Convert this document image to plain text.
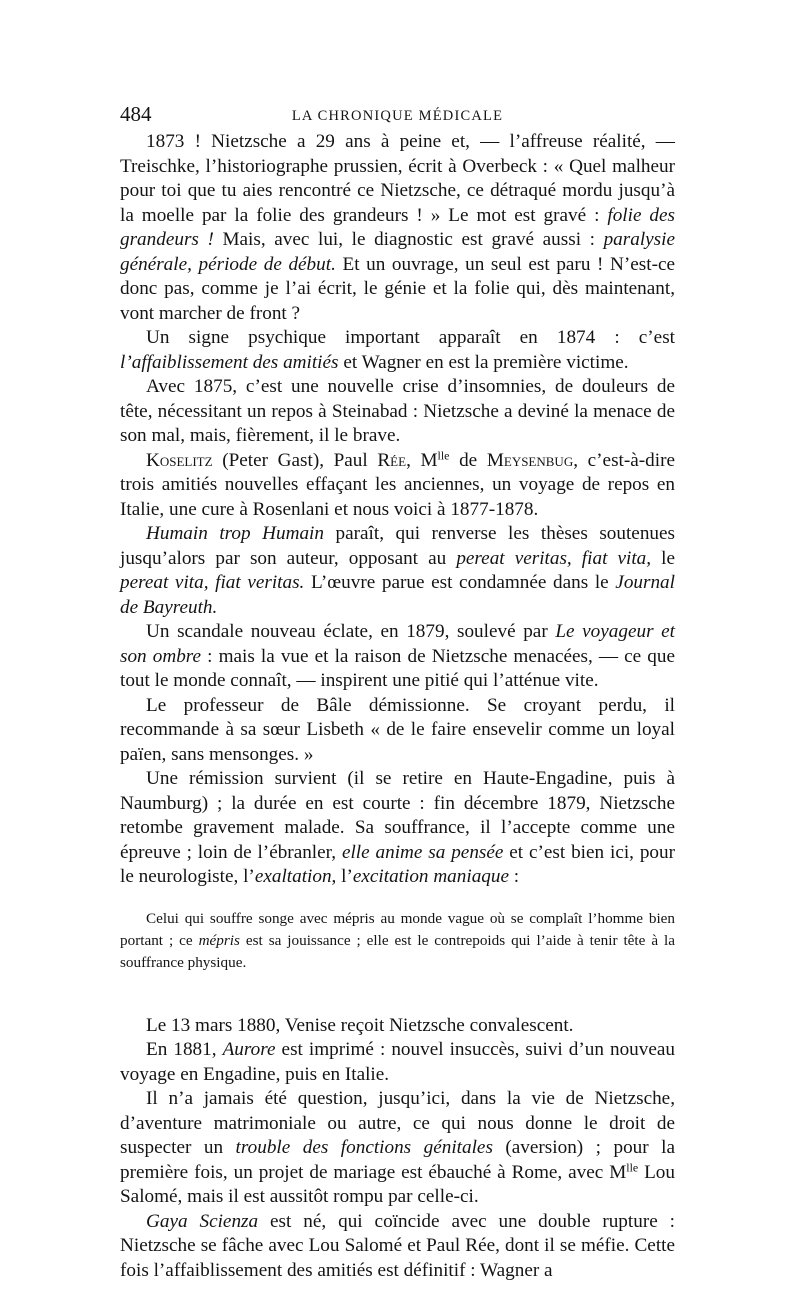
484	LA CHRONIQUE MÉDICALE

1873 ! Nietzsche a 29 ans à peine et, — l’affreuse réalité, — Treischke, l’historiographe prussien, écrit à Overbeck : « Quel malheur pour toi que tu aies rencontré ce Nietzsche, ce détraqué mordu jusqu’à la moelle par la folie des grandeurs ! » Le mot est gravé : folie des grandeurs ! Mais, avec lui, le diagnostic est gravé aussi : paralysie générale, période de début. Et un ouvrage, un seul est paru ! N’est-ce donc pas, comme je l’ai écrit, le génie et la folie qui, dès maintenant, vont marcher de front ?

Un signe psychique important apparaît en 1874 : c’est l’affaiblissement des amitiés et Wagner en est la première victime.

Avec 1875, c’est une nouvelle crise d’insomnies, de douleurs de tête, nécessitant un repos à Steinabad : Nietzsche a deviné la menace de son mal, mais, fièrement, il le brave.

Koselitz (Peter Gast), Paul Rée, $M^{lle}$ de Meysenbug, c’est-à-dire trois amitiés nouvelles effaçant les anciennes, un voyage de repos en Italie, une cure à Rosenlani et nous voici à 1877-1878.

Humain trop Humain paraît, qui renverse les thèses soutenues jusqu’alors par son auteur, opposant au pereat veritas, fiat vita, le pereat vita, fiat veritas. L’œuvre parue est condamnée dans le Journal de Bayreuth.

Un scandale nouveau éclate, en 1879, soulevé par Le voyageur et son ombre : mais la vue et la raison de Nietzsche menacées, — ce que tout le monde connaît, — inspirent une pitié qui l’atténue vite.

Le professeur de Bâle démissionne. Se croyant perdu, il recommande à sa sœur Lisbeth « de le faire ensevelir comme un loyal païen, sans mensonges. »

Une rémission survient (il se retire en Haute-Engadine, puis à Naumburg) ; la durée en est courte : fin décembre 1879, Nietzsche retombe gravement malade. Sa souffrance, il l’accepte comme une épreuve ; loin de l’ébranler, elle anime sa pensée et c’est bien ici, pour le neurologiste, l’exaltation, l’excitation maniaque :

Celui qui souffre songe avec mépris au monde vague où se complaît l’homme bien portant ; ce mépris est sa jouissance ; elle est le contrepoids qui l’aide à tenir tête à la souffrance physique.

Le 13 mars 1880, Venise reçoit Nietzsche convalescent.

En 1881, Aurore est imprimé : nouvel insuccès, suivi d’un nouveau voyage en Engadine, puis en Italie.

Il n’a jamais été question, jusqu’ici, dans la vie de Nietzsche, d’aventure matrimoniale ou autre, ce qui nous donne le droit de suspecter un trouble des fonctions génitales (aversion) ; pour la première fois, un projet de mariage est ébauché à Rome, avec $M^{lle}$ Lou Salomé, mais il est aussitôt rompu par celle-ci.

Gaya Scienza est né, qui coïncide avec une double rupture : Nietzsche se fâche avec Lou Salomé et Paul Rée, dont il se méfie. Cette fois l’affaiblissement des amitiés est définitif : Wagner a
